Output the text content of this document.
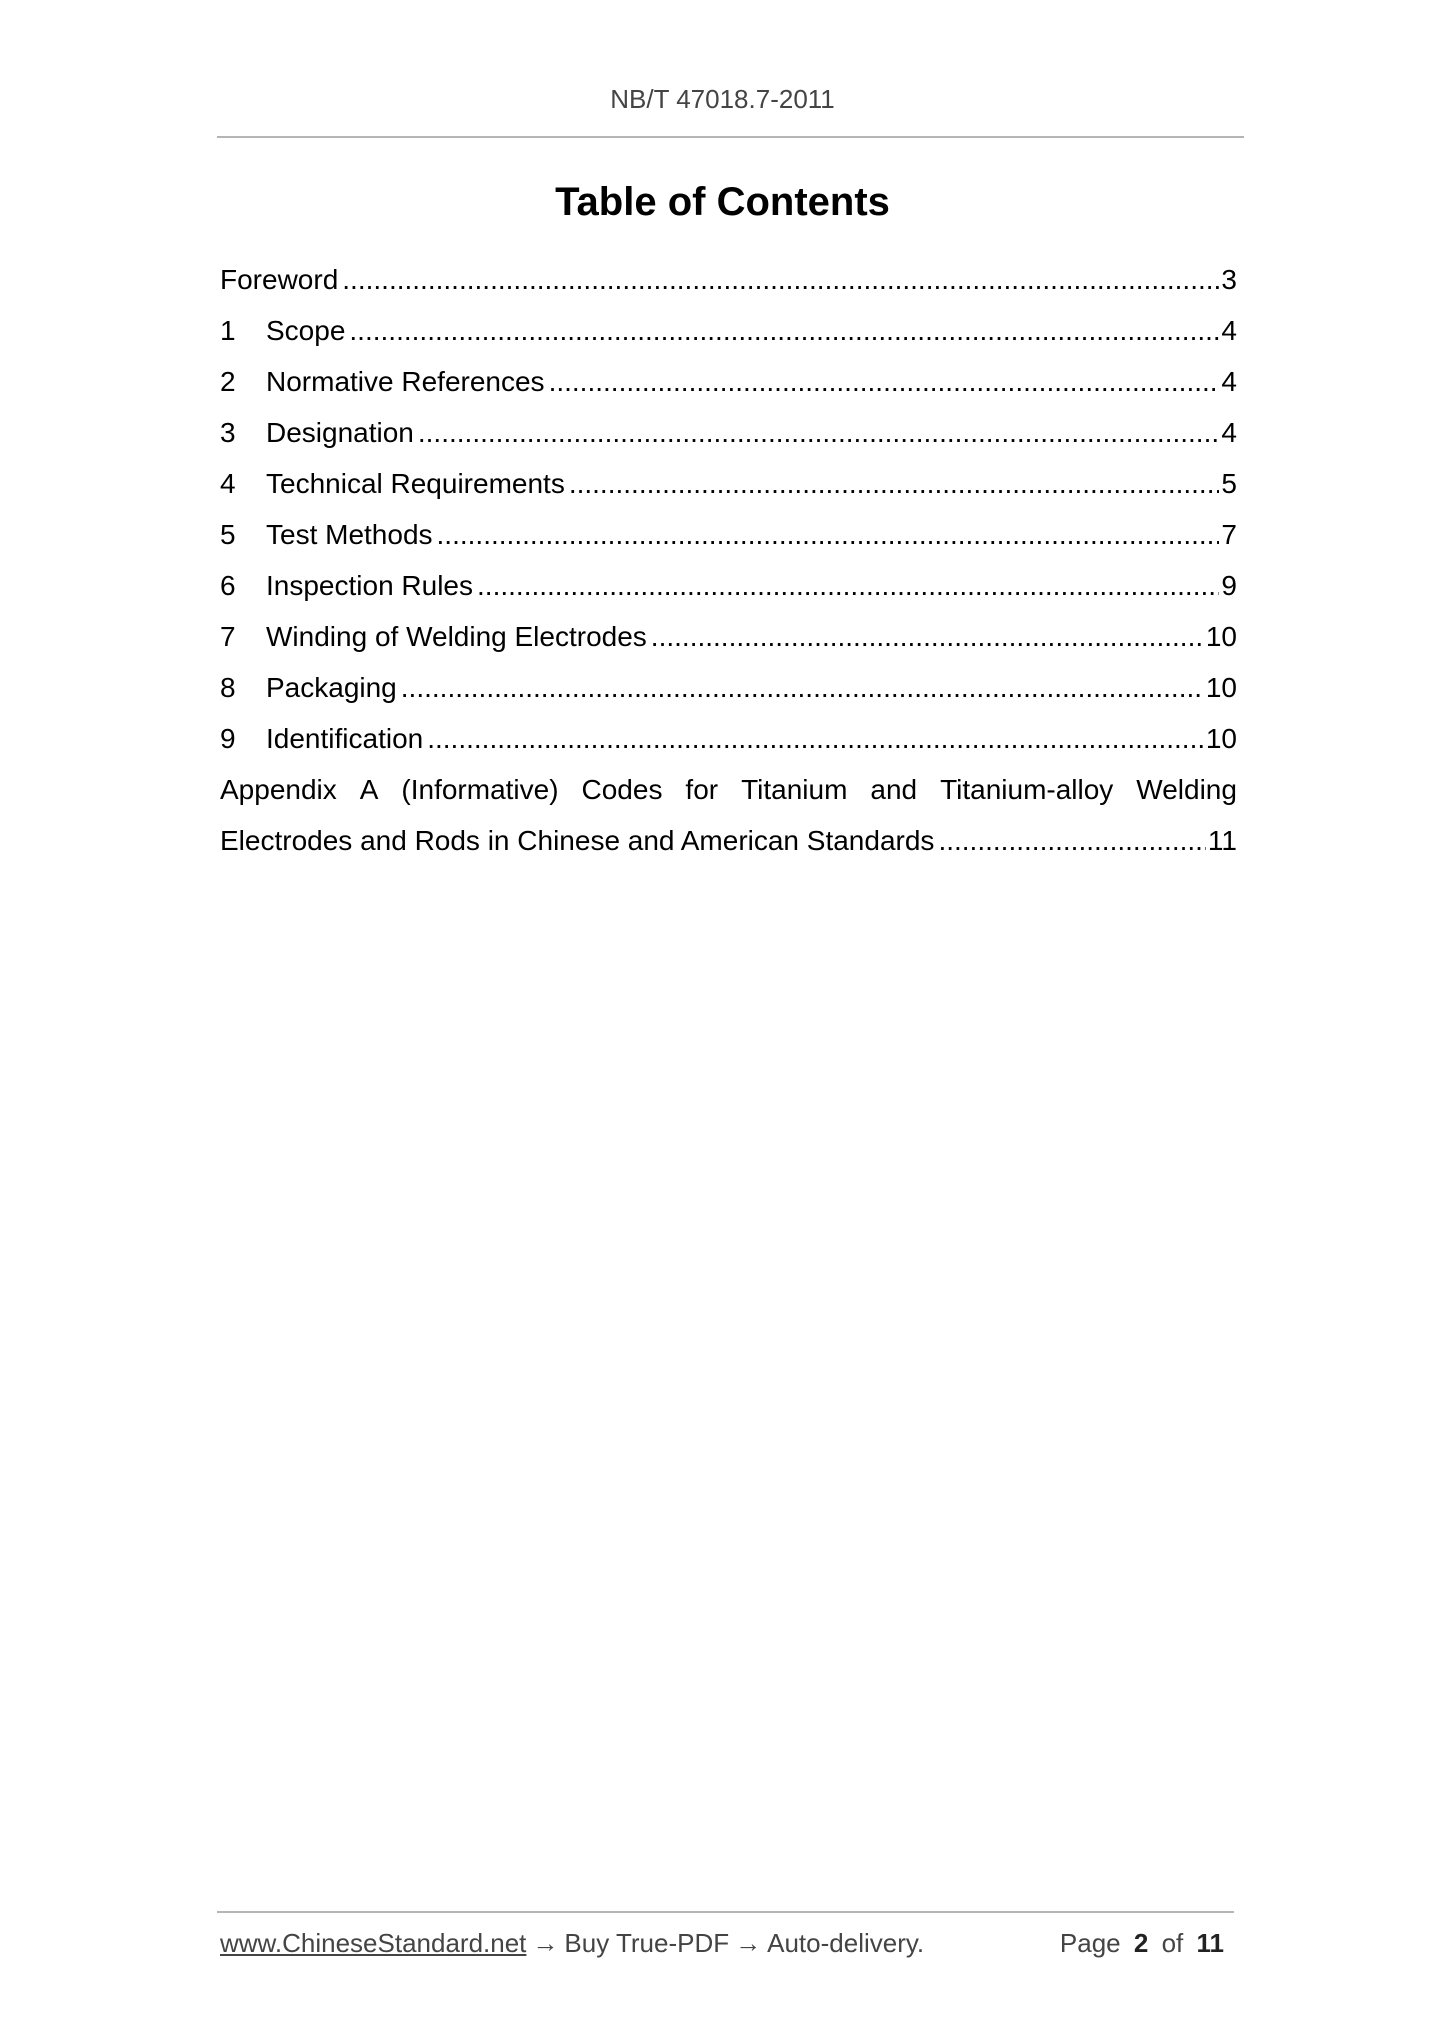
NB/T 47018.7-2011
Table of Contents
Foreword .....	3
1	Scope .....	4
2	Normative References .....	4
3	Designation .....	4
4	Technical Requirements .....	5
5	Test Methods .....	7
6	Inspection Rules .....	9
7	Winding of Welding Electrodes .....	10
8	Packaging .....	10
9	Identification .....	10
Appendix A (Informative) Codes for Titanium and Titanium-alloy Welding
Electrodes and Rods in Chinese and American Standards .....	11
www.ChineseStandard.net → Buy True-PDF → Auto-delivery.	Page 2 of 11
